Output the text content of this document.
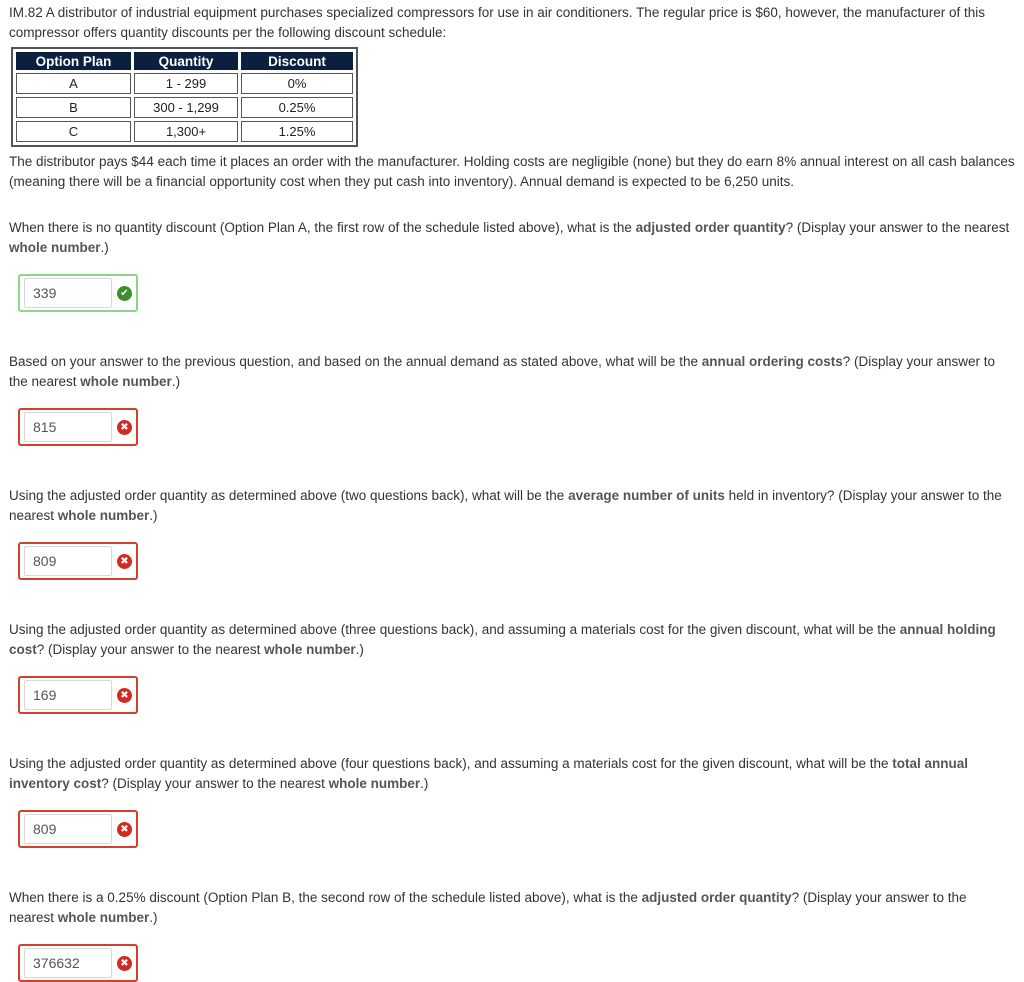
IM.82 A distributor of industrial equipment purchases specialized compressors for use in air conditioners. The regular price is $60, however, the manufacturer of this compressor offers quantity discounts per the following discount schedule:

Option Plan	Quantity	Discount
A	1 - 299	0%
B	300 - 1,299	0.25%
C	1,300+	1.25%

The distributor pays $44 each time it places an order with the manufacturer. Holding costs are negligible (none) but they do earn 8% annual interest on all cash balances (meaning there will be a financial opportunity cost when they put cash into inventory). Annual demand is expected to be 6,250 units.

When there is no quantity discount (Option Plan A, the first row of the schedule listed above), what is the adjusted order quantity? (Display your answer to the nearest whole number.)

339
✔

Based on your answer to the previous question, and based on the annual demand as stated above, what will be the annual ordering costs? (Display your answer to the nearest whole number.)

815
✖

Using the adjusted order quantity as determined above (two questions back), what will be the average number of units held in inventory? (Display your answer to the nearest whole number.)

809
✖

Using the adjusted order quantity as determined above (three questions back), and assuming a materials cost for the given discount, what will be the annual holding cost? (Display your answer to the nearest whole number.)

169
✖

Using the adjusted order quantity as determined above (four questions back), and assuming a materials cost for the given discount, what will be the total annual inventory cost? (Display your answer to the nearest whole number.)

809
✖

When there is a 0.25% discount (Option Plan B, the second row of the schedule listed above), what is the adjusted order quantity? (Display your answer to the nearest whole number.)

376632
✖
